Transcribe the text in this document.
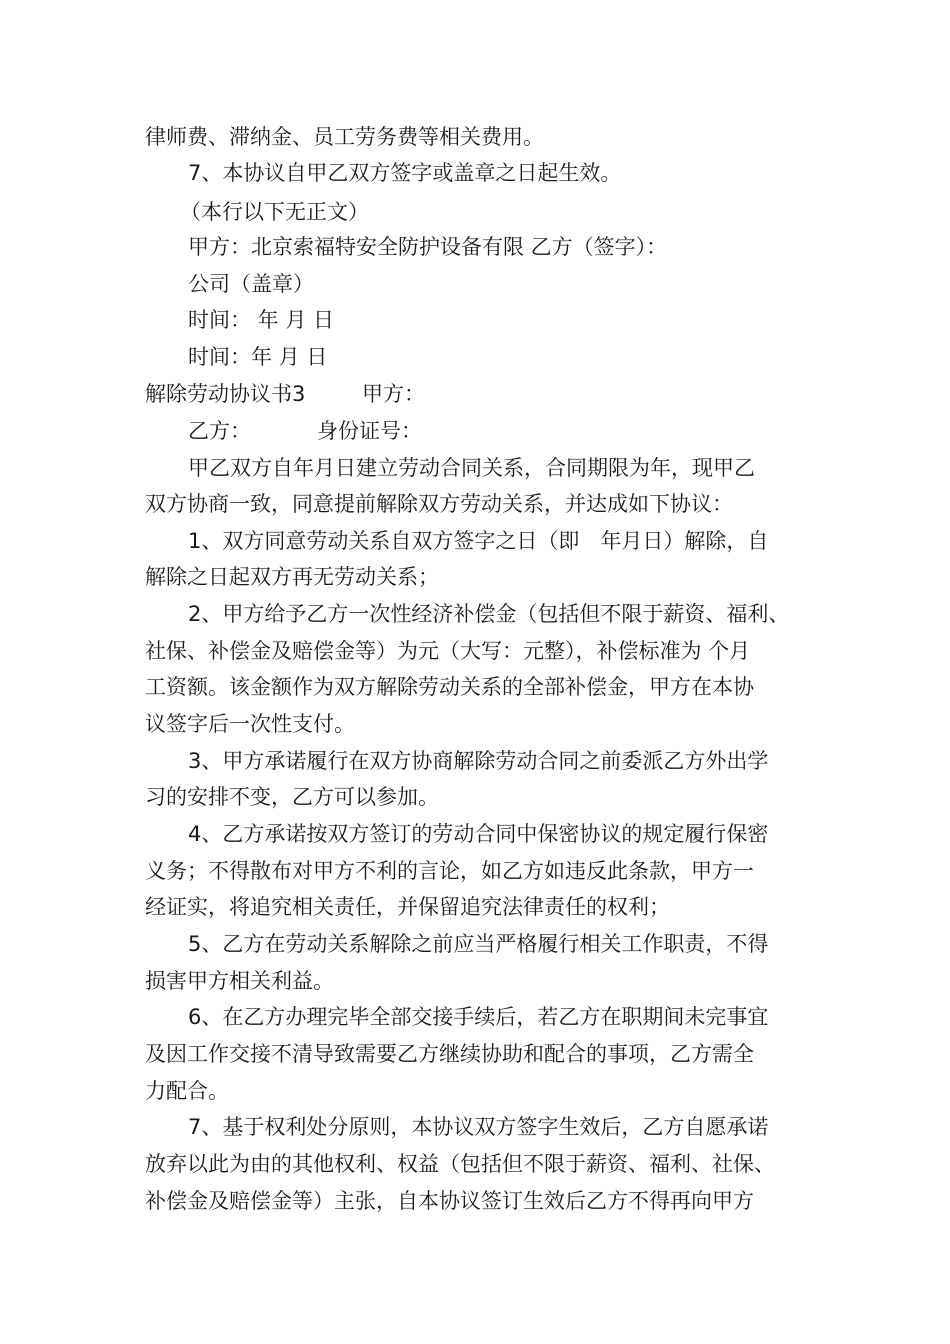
律师费、滞纳金、员工劳务费等相关费用。
7、本协议自甲乙双方签字或盖章之日起生效。
（本行以下无正文）
甲方：北京索福特安全防护设备有限 乙方（签字）：
公司（盖章）
时间： 年 月 日
时间：年 月 日
解除劳动协议书3	甲方：
乙方：	身份证号：
甲乙双方自年月日建立劳动合同关系，合同期限为年，现甲乙
双方协商一致，同意提前解除双方劳动关系，并达成如下协议：
1、双方同意劳动关系自双方签字之日（即　年月日）解除，自
解除之日起双方再无劳动关系；
2、甲方给予乙方一次性经济补偿金（包括但不限于薪资、福利、
社保、补偿金及赔偿金等）为元（大写：元整），补偿标准为 个月
工资额。该金额作为双方解除劳动关系的全部补偿金，甲方在本协
议签字后一次性支付。
3、甲方承诺履行在双方协商解除劳动合同之前委派乙方外出学
习的安排不变，乙方可以参加。
4、乙方承诺按双方签订的劳动合同中保密协议的规定履行保密
义务；不得散布对甲方不利的言论，如乙方如违反此条款，甲方一
经证实，将追究相关责任，并保留追究法律责任的权利；
5、乙方在劳动关系解除之前应当严格履行相关工作职责，不得
损害甲方相关利益。
6、在乙方办理完毕全部交接手续后，若乙方在职期间未完事宜
及因工作交接不清导致需要乙方继续协助和配合的事项，乙方需全
力配合。
7、基于权利处分原则，本协议双方签字生效后，乙方自愿承诺
放弃以此为由的其他权利、权益（包括但不限于薪资、福利、社保、
补偿金及赔偿金等）主张，自本协议签订生效后乙方不得再向甲方
